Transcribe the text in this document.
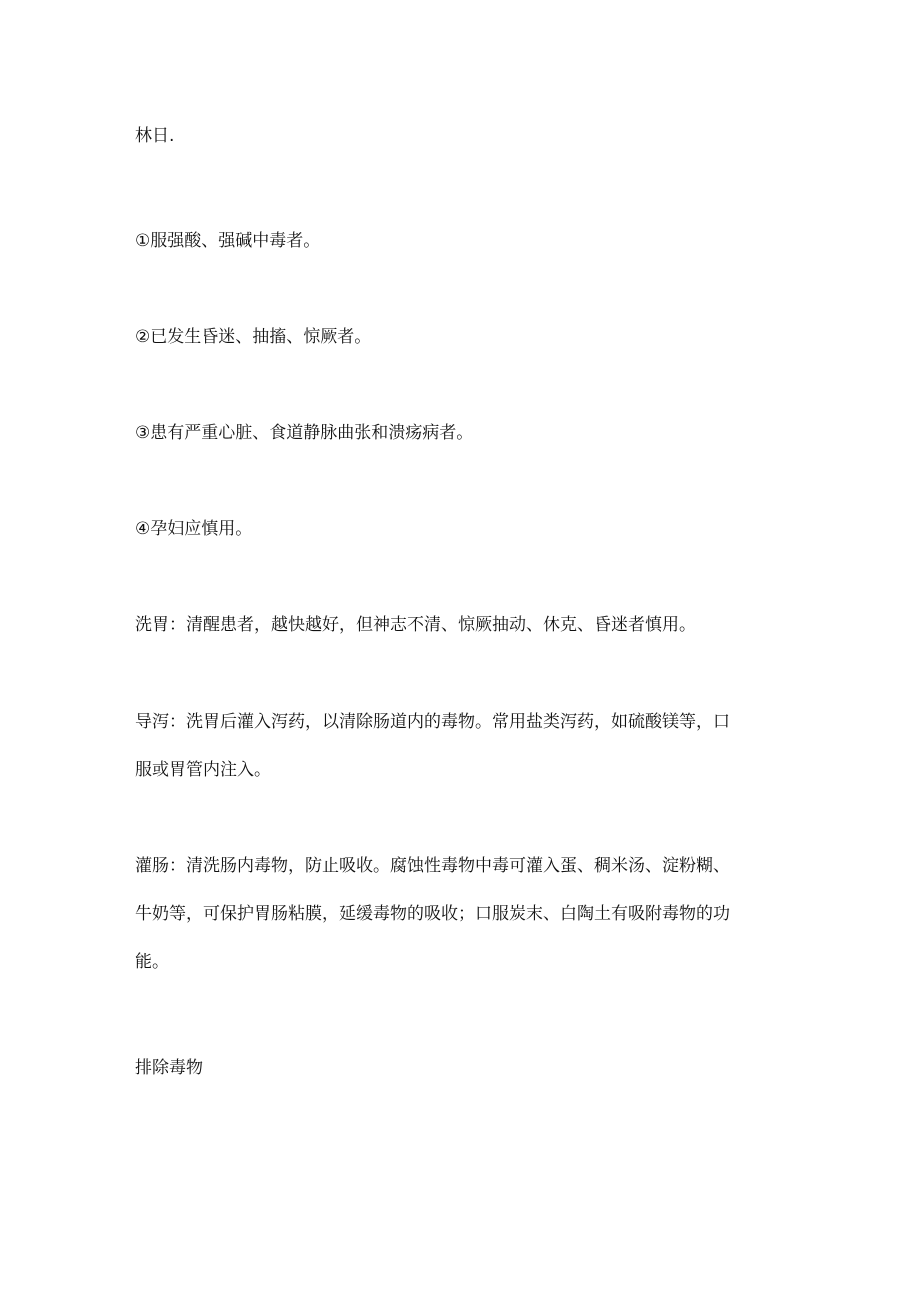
林日.
①服强酸、强碱中毒者。
②已发生昏迷、抽搐、惊厥者。
③患有严重心脏、食道静脉曲张和溃疡病者。
④孕妇应慎用。
洗胃：清醒患者，越快越好，但神志不清、惊厥抽动、休克、昏迷者慎用。
导泻：洗胃后灌入泻药，以清除肠道内的毒物。常用盐类泻药，如硫酸镁等，口
服或胃管内注入。
灌肠：清洗肠内毒物，防止吸收。腐蚀性毒物中毒可灌入蛋、稠米汤、淀粉糊、
牛奶等，可保护胃肠粘膜，延缓毒物的吸收；口服炭末、白陶土有吸附毒物的功
能。
排除毒物
